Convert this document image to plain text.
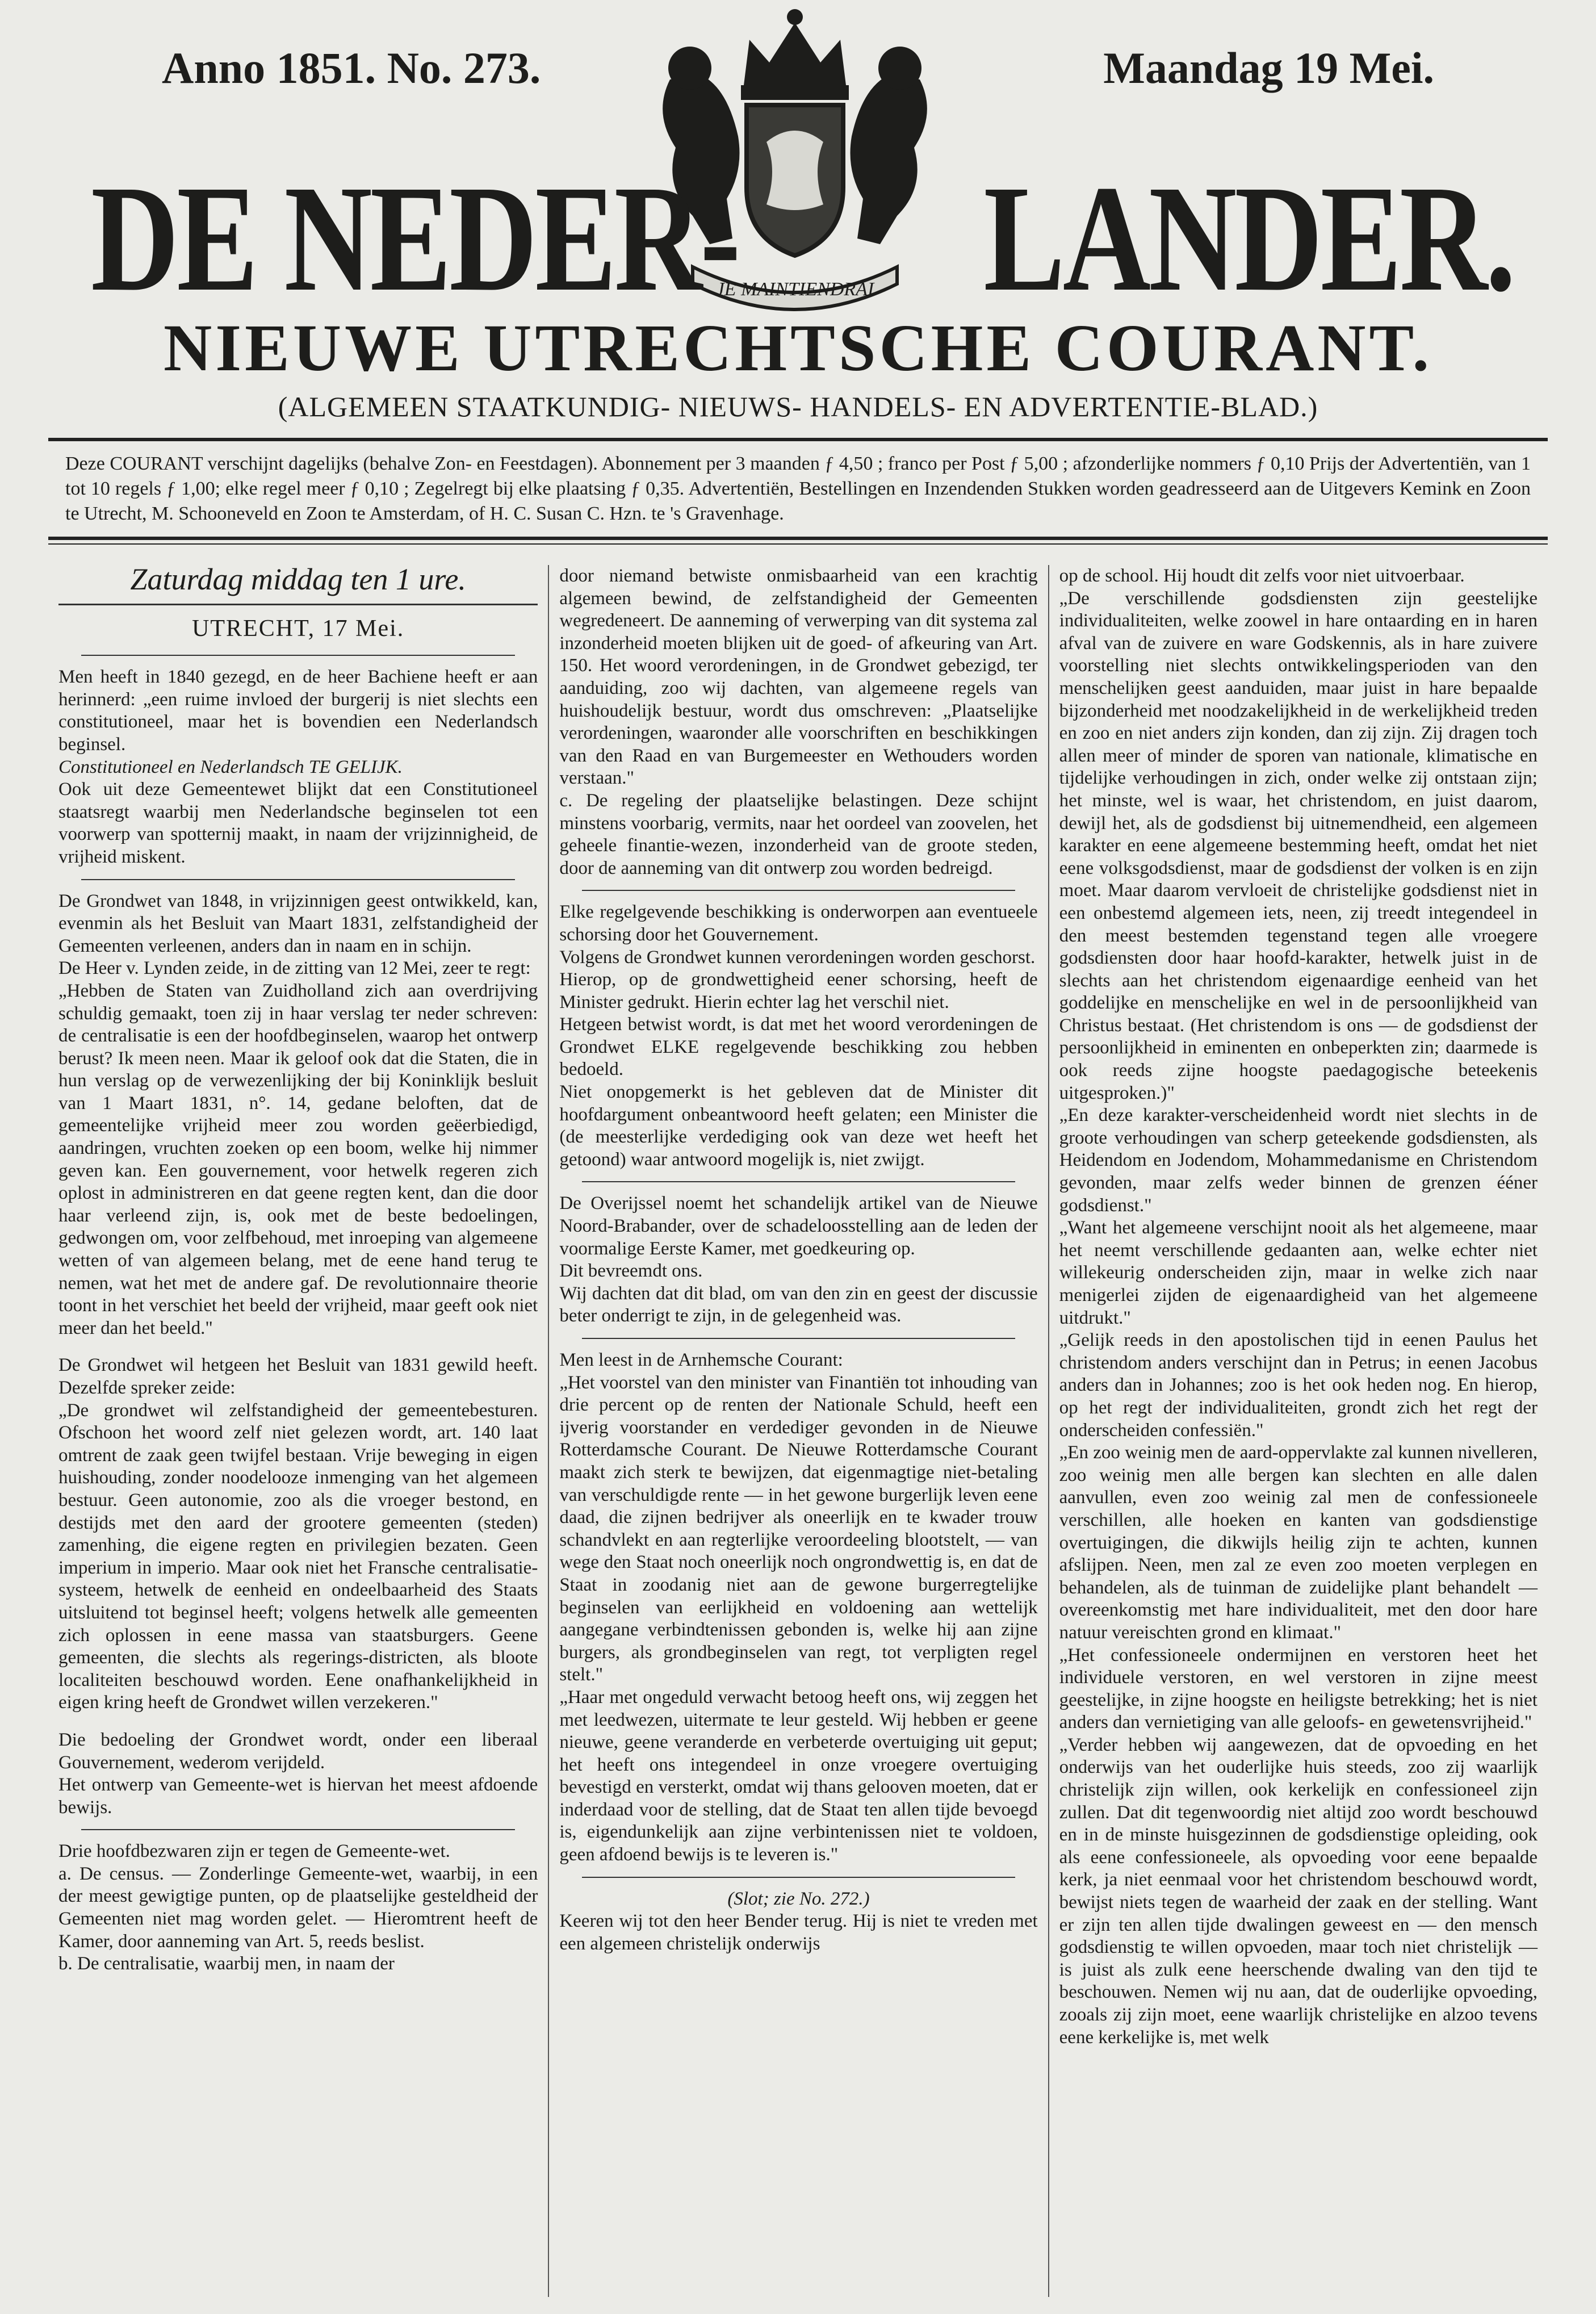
Anno 1851. No. 273.	Maandag 19 Mei.
JE MAINTIENDRAI
DE NEDER- LANDER.
NIEUWE UTRECHTSCHE COURANT.
(ALGEMEEN STAATKUNDIG- NIEUWS- HANDELS- EN ADVERTENTIE-BLAD.)
Deze COURANT verschijnt dagelijks (behalve Zon- en Feestdagen). Abonnement per 3 maanden ƒ 4,50 ; franco per Post ƒ 5,00 ; afzonderlijke nommers ƒ 0,10 Prijs der Advertentiën, van 1 tot 10 regels ƒ 1,00; elke regel meer ƒ 0,10 ; Zegelregt bij elke plaatsing ƒ 0,35. Advertentiën, Bestellingen en Inzendenden Stukken worden geadresseerd aan de Uitgevers Kemink en Zoon te Utrecht, M. Schooneveld en Zoon te Amsterdam, of H. C. Susan C. Hzn. te 's Gravenhage.
Zaturdag middag ten 1 ure.
UTRECHT, 17 Mei.

Men heeft in 1840 gezegd, en de heer Bachiene heeft er aan herinnerd: „een ruime invloed der burgerij is niet slechts een constitutioneel, maar het is bovendien een Nederlandsch beginsel.

Constitutioneel en Nederlandsch TE GELIJK.

Ook uit deze Gemeentewet blijkt dat een Constitutioneel staatsregt waarbij men Nederlandsche beginselen tot een voorwerp van spotternij maakt, in naam der vrijzinnigheid, de vrijheid miskent.

De Grondwet van 1848, in vrijzinnigen geest ontwikkeld, kan, evenmin als het Besluit van Maart 1831, zelfstandigheid der Gemeenten verleenen, anders dan in naam en in schijn.

De Heer v. Lynden zeide, in de zitting van 12 Mei, zeer te regt:

„Hebben de Staten van Zuidholland zich aan overdrijving schuldig gemaakt, toen zij in haar verslag ter neder schreven: de centralisatie is een der hoofdbeginselen, waarop het ontwerp berust? Ik meen neen. Maar ik geloof ook dat die Staten, die in hun verslag op de verwezenlijking der bij Koninklijk besluit van 1 Maart 1831, n°. 14, gedane beloften, dat de gemeentelijke vrijheid meer zou worden geëerbiedigd, aandringen, vruchten zoeken op een boom, welke hij nimmer geven kan. Een gouvernement, voor hetwelk regeren zich oplost in administreren en dat geene regten kent, dan die door haar verleend zijn, is, ook met de beste bedoelingen, gedwongen om, voor zelfbehoud, met inroeping van algemeene wetten of van algemeen belang, met de eene hand terug te nemen, wat het met de andere gaf. De revolutionnaire theorie toont in het verschiet het beeld der vrijheid, maar geeft ook niet meer dan het beeld."

De Grondwet wil hetgeen het Besluit van 1831 gewild heeft. Dezelfde spreker zeide:

„De grondwet wil zelfstandigheid der gemeentebesturen. Ofschoon het woord zelf niet gelezen wordt, art. 140 laat omtrent de zaak geen twijfel bestaan. Vrije beweging in eigen huishouding, zonder noodelooze inmenging van het algemeen bestuur. Geen autonomie, zoo als die vroeger bestond, en destijds met den aard der grootere gemeenten (steden) zamenhing, die eigene regten en privilegien bezaten. Geen imperium in imperio. Maar ook niet het Fransche centralisatie-systeem, hetwelk de eenheid en ondeelbaarheid des Staats uitsluitend tot beginsel heeft; volgens hetwelk alle gemeenten zich oplossen in eene massa van staatsburgers. Geene gemeenten, die slechts als regerings-districten, als bloote localiteiten beschouwd worden. Eene onafhankelijkheid in eigen kring heeft de Grondwet willen verzekeren."

Die bedoeling der Grondwet wordt, onder een liberaal Gouvernement, wederom verijdeld.

Het ontwerp van Gemeente-wet is hiervan het meest afdoende bewijs.

Drie hoofdbezwaren zijn er tegen de Gemeente-wet.

a. De census. — Zonderlinge Gemeente-wet, waarbij, in een der meest gewigtige punten, op de plaatselijke gesteldheid der Gemeenten niet mag worden gelet. — Hieromtrent heeft de Kamer, door aanneming van Art. 5, reeds beslist.

b. De centralisatie, waarbij men, in naam der

door niemand betwiste onmisbaarheid van een krachtig algemeen bewind, de zelfstandigheid der Gemeenten wegredeneert. De aanneming of verwerping van dit systema zal inzonderheid moeten blijken uit de goed- of afkeuring van Art. 150. Het woord verordeningen, in de Grondwet gebezigd, ter aanduiding, zoo wij dachten, van algemeene regels van huishoudelijk bestuur, wordt dus omschreven: „Plaatselijke verordeningen, waaronder alle voorschriften en beschikkingen van den Raad en van Burgemeester en Wethouders worden verstaan."

c. De regeling der plaatselijke belastingen. Deze schijnt minstens voorbarig, vermits, naar het oordeel van zoovelen, het geheele finantie-wezen, inzonderheid van de groote steden, door de aanneming van dit ontwerp zou worden bedreigd.

Elke regelgevende beschikking is onderworpen aan eventueele schorsing door het Gouvernement.

Volgens de Grondwet kunnen verordeningen worden geschorst.

Hierop, op de grondwettigheid eener schorsing, heeft de Minister gedrukt. Hierin echter lag het verschil niet.

Hetgeen betwist wordt, is dat met het woord verordeningen de Grondwet ELKE regelgevende beschikking zou hebben bedoeld.

Niet onopgemerkt is het gebleven dat de Minister dit hoofdargument onbeantwoord heeft gelaten; een Minister die (de meesterlijke verdediging ook van deze wet heeft het getoond) waar antwoord mogelijk is, niet zwijgt.

De Overijssel noemt het schandelijk artikel van de Nieuwe Noord-Brabander, over de schadeloosstelling aan de leden der voormalige Eerste Kamer, met goedkeuring op.

Dit bevreemdt ons.

Wij dachten dat dit blad, om van den zin en geest der discussie beter onderrigt te zijn, in de gelegenheid was.

Men leest in de Arnhemsche Courant:

„Het voorstel van den minister van Finantiën tot inhouding van drie percent op de renten der Nationale Schuld, heeft een ijverig voorstander en verdediger gevonden in de Nieuwe Rotterdamsche Courant. De Nieuwe Rotterdamsche Courant maakt zich sterk te bewijzen, dat eigenmagtige niet-betaling van verschuldigde rente — in het gewone burgerlijk leven eene daad, die zijnen bedrijver als oneerlijk en te kwader trouw schandvlekt en aan regterlijke veroordeeling blootstelt, — van wege den Staat noch oneerlijk noch ongrondwettig is, en dat de Staat in zoodanig niet aan de gewone burgerregtelijke beginselen van eerlijkheid en voldoening aan wettelijk aangegane verbindtenissen gebonden is, welke hij aan zijne burgers, als grondbeginselen van regt, tot verpligten regel stelt."

„Haar met ongeduld verwacht betoog heeft ons, wij zeggen het met leedwezen, uitermate te leur gesteld. Wij hebben er geene nieuwe, geene veranderde en verbeterde overtuiging uit geput; het heeft ons integendeel in onze vroegere overtuiging bevestigd en versterkt, omdat wij thans gelooven moeten, dat er inderdaad voor de stelling, dat de Staat ten allen tijde bevoegd is, eigendunkelijk aan zijne verbintenissen niet te voldoen, geen afdoend bewijs is te leveren is."

(Slot; zie No. 272.)

Keeren wij tot den heer Bender terug. Hij is niet te vreden met een algemeen christelijk onderwijs

op de school. Hij houdt dit zelfs voor niet uitvoerbaar.

„De verschillende godsdiensten zijn geestelijke individualiteiten, welke zoowel in hare ontaarding en in haren afval van de zuivere en ware Godskennis, als in hare zuivere voorstelling niet slechts ontwikkelingsperioden van den menschelijken geest aanduiden, maar juist in hare bepaalde bijzonderheid met noodzakelijkheid in de werkelijkheid treden en zoo en niet anders zijn konden, dan zij zijn. Zij dragen toch allen meer of minder de sporen van nationale, klimatische en tijdelijke verhoudingen in zich, onder welke zij ontstaan zijn; het minste, wel is waar, het christendom, en juist daarom, dewijl het, als de godsdienst bij uitnemendheid, een algemeen karakter en eene algemeene bestemming heeft, omdat het niet eene volksgodsdienst, maar de godsdienst der volken is en zijn moet. Maar daarom vervloeit de christelijke godsdienst niet in een onbestemd algemeen iets, neen, zij treedt integendeel in den meest bestemden tegenstand tegen alle vroegere godsdiensten door haar hoofd-karakter, hetwelk juist in de slechts aan het christendom eigenaardige eenheid van het goddelijke en menschelijke en wel in de persoonlijkheid van Christus bestaat. (Het christendom is ons — de godsdienst der persoonlijkheid in eminenten en onbeperkten zin; daarmede is ook reeds zijne hoogste paedagogische beteekenis uitgesproken.)"

„En deze karakter-verscheidenheid wordt niet slechts in de groote verhoudingen van scherp geteekende godsdiensten, als Heidendom en Jodendom, Mohammedanisme en Christendom gevonden, maar zelfs weder binnen de grenzen ééner godsdienst."

„Want het algemeene verschijnt nooit als het algemeene, maar het neemt verschillende gedaanten aan, welke echter niet willekeurig onderscheiden zijn, maar in welke zich naar menigerlei zijden de eigenaardigheid van het algemeene uitdrukt."

„Gelijk reeds in den apostolischen tijd in eenen Paulus het christendom anders verschijnt dan in Petrus; in eenen Jacobus anders dan in Johannes; zoo is het ook heden nog. En hierop, op het regt der individualiteiten, grondt zich het regt der onderscheiden confessiën."

„En zoo weinig men de aard-oppervlakte zal kunnen nivelleren, zoo weinig men alle bergen kan slechten en alle dalen aanvullen, even zoo weinig zal men de confessioneele verschillen, alle hoeken en kanten van godsdienstige overtuigingen, die dikwijls heilig zijn te achten, kunnen afslijpen. Neen, men zal ze even zoo moeten verplegen en behandelen, als de tuinman de zuidelijke plant behandelt — overeenkomstig met hare individualiteit, met den door hare natuur vereischten grond en klimaat."

„Het confessioneele ondermijnen en verstoren heet het individuele verstoren, en wel verstoren in zijne meest geestelijke, in zijne hoogste en heiligste betrekking; het is niet anders dan vernietiging van alle geloofs- en gewetensvrijheid."

„Verder hebben wij aangewezen, dat de opvoeding en het onderwijs van het ouderlijke huis steeds, zoo zij waarlijk christelijk zijn willen, ook kerkelijk en confessioneel zijn zullen. Dat dit tegenwoordig niet altijd zoo wordt beschouwd en in de minste huisgezinnen de godsdienstige opleiding, ook als eene confessioneele, als opvoeding voor eene bepaalde kerk, ja niet eenmaal voor het christendom beschouwd wordt, bewijst niets tegen de waarheid der zaak en der stelling. Want er zijn ten allen tijde dwalingen geweest en — den mensch godsdienstig te willen opvoeden, maar toch niet christelijk — is juist als zulk eene heerschende dwaling van den tijd te beschouwen. Nemen wij nu aan, dat de ouderlijke opvoeding, zooals zij zijn moet, eene waarlijk christelijke en alzoo tevens eene kerkelijke is, met welk
